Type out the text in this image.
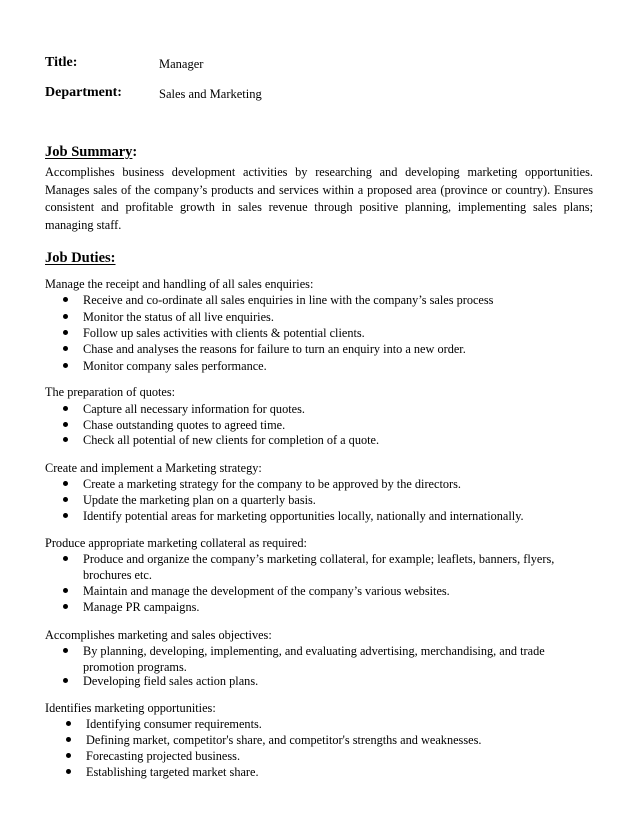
Title:	Manager
Department:	Sales and Marketing
Job Summary:
Accomplishes business development activities by researching and developing marketing opportunities. Manages sales of the company’s products and services within a proposed area (province or country). Ensures consistent and profitable growth in sales revenue through positive planning, implementing sales plans; managing staff.
Job Duties:
Manage the receipt and handling of all sales enquiries:
Receive and co-ordinate all sales enquiries in line with the company’s sales process
Monitor the status of all live enquiries.
Follow up sales activities with clients & potential clients.
Chase and analyses the reasons for failure to turn an enquiry into a new order.
Monitor company sales performance.
The preparation of quotes:
Capture all necessary information for quotes.
Chase outstanding quotes to agreed time.
Check all potential of new clients for completion of a quote.
Create and implement a Marketing strategy:
Create a marketing strategy for the company to be approved by the directors.
Update the marketing plan on a quarterly basis.
Identify potential areas for marketing opportunities locally, nationally and internationally.
Produce appropriate marketing collateral as required:
Produce and organize the company’s marketing collateral, for example; leaflets, banners, flyers, brochures etc.
Maintain and manage the development of the company’s various websites.
Manage PR campaigns.
Accomplishes marketing and sales objectives:
By planning, developing, implementing, and evaluating advertising, merchandising, and trade promotion programs.
Developing field sales action plans.
Identifies marketing opportunities:
Identifying consumer requirements.
Defining market, competitor's share, and competitor's strengths and weaknesses.
Forecasting projected business.
Establishing targeted market share.
